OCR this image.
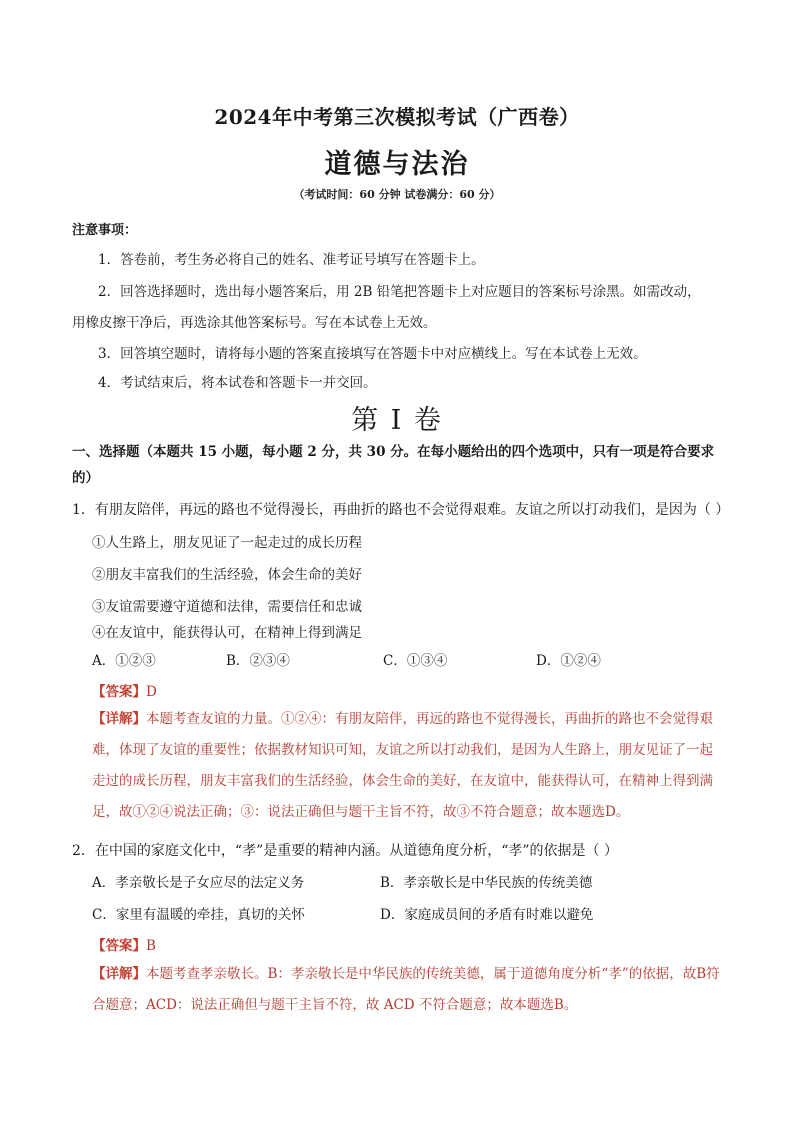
2024年中考第三次模拟考试（广西卷）
道德与法治
（考试时间：60 分钟 试卷满分：60 分）
注意事项：
1．答卷前，考生务必将自己的姓名、准考证号填写在答题卡上。
2．回答选择题时，选出每小题答案后，用 2B 铅笔把答题卡上对应题目的答案标号涂黑。如需改动，
用橡皮擦干净后，再选涂其他答案标号。写在本试卷上无效。
3．回答填空题时，请将每小题的答案直接填写在答题卡中对应横线上。写在本试卷上无效。
4．考试结束后，将本试卷和答题卡一并交回。
第 I 卷
一、选择题（本题共 15 小题，每小题 2 分，共 30 分。在每小题给出的四个选项中，只有一项是符合要求的）
1．有朋友陪伴，再远的路也不觉得漫长，再曲折的路也不会觉得艰难。友谊之所以打动我们，是因为（ ）
①人生路上，朋友见证了一起走过的成长历程
②朋友丰富我们的生活经验，体会生命的美好
③友谊需要遵守道德和法律，需要信任和忠诚
④在友谊中，能获得认可，在精神上得到满足
A．①②③	B．②③④	C．①③④	D．①②④
【答案】D
【详解】本题考查友谊的力量。①②④：有朋友陪伴，再远的路也不觉得漫长，再曲折的路也不会觉得艰难，体现了友谊的重要性；依据教材知识可知，友谊之所以打动我们，是因为人生路上，朋友见证了一起走过的成长历程，朋友丰富我们的生活经验，体会生命的美好，在友谊中，能获得认可，在精神上得到满足，故①②④说法正确；③：说法正确但与题干主旨不符，故③不符合题意；故本题选D。
2．在中国的家庭文化中，“孝”是重要的精神内涵。从道德角度分析，“孝”的依据是（ ）
A．孝亲敬长是子女应尽的法定义务	B．孝亲敬长是中华民族的传统美德
C．家里有温暖的牵挂，真切的关怀	D．家庭成员间的矛盾有时难以避免
【答案】B
【详解】本题考查孝亲敬长。B：孝亲敬长是中华民族的传统美德，属于道德角度分析“孝”的依据，故B符合题意；ACD：说法正确但与题干主旨不符，故 ACD 不符合题意；故本题选B。
